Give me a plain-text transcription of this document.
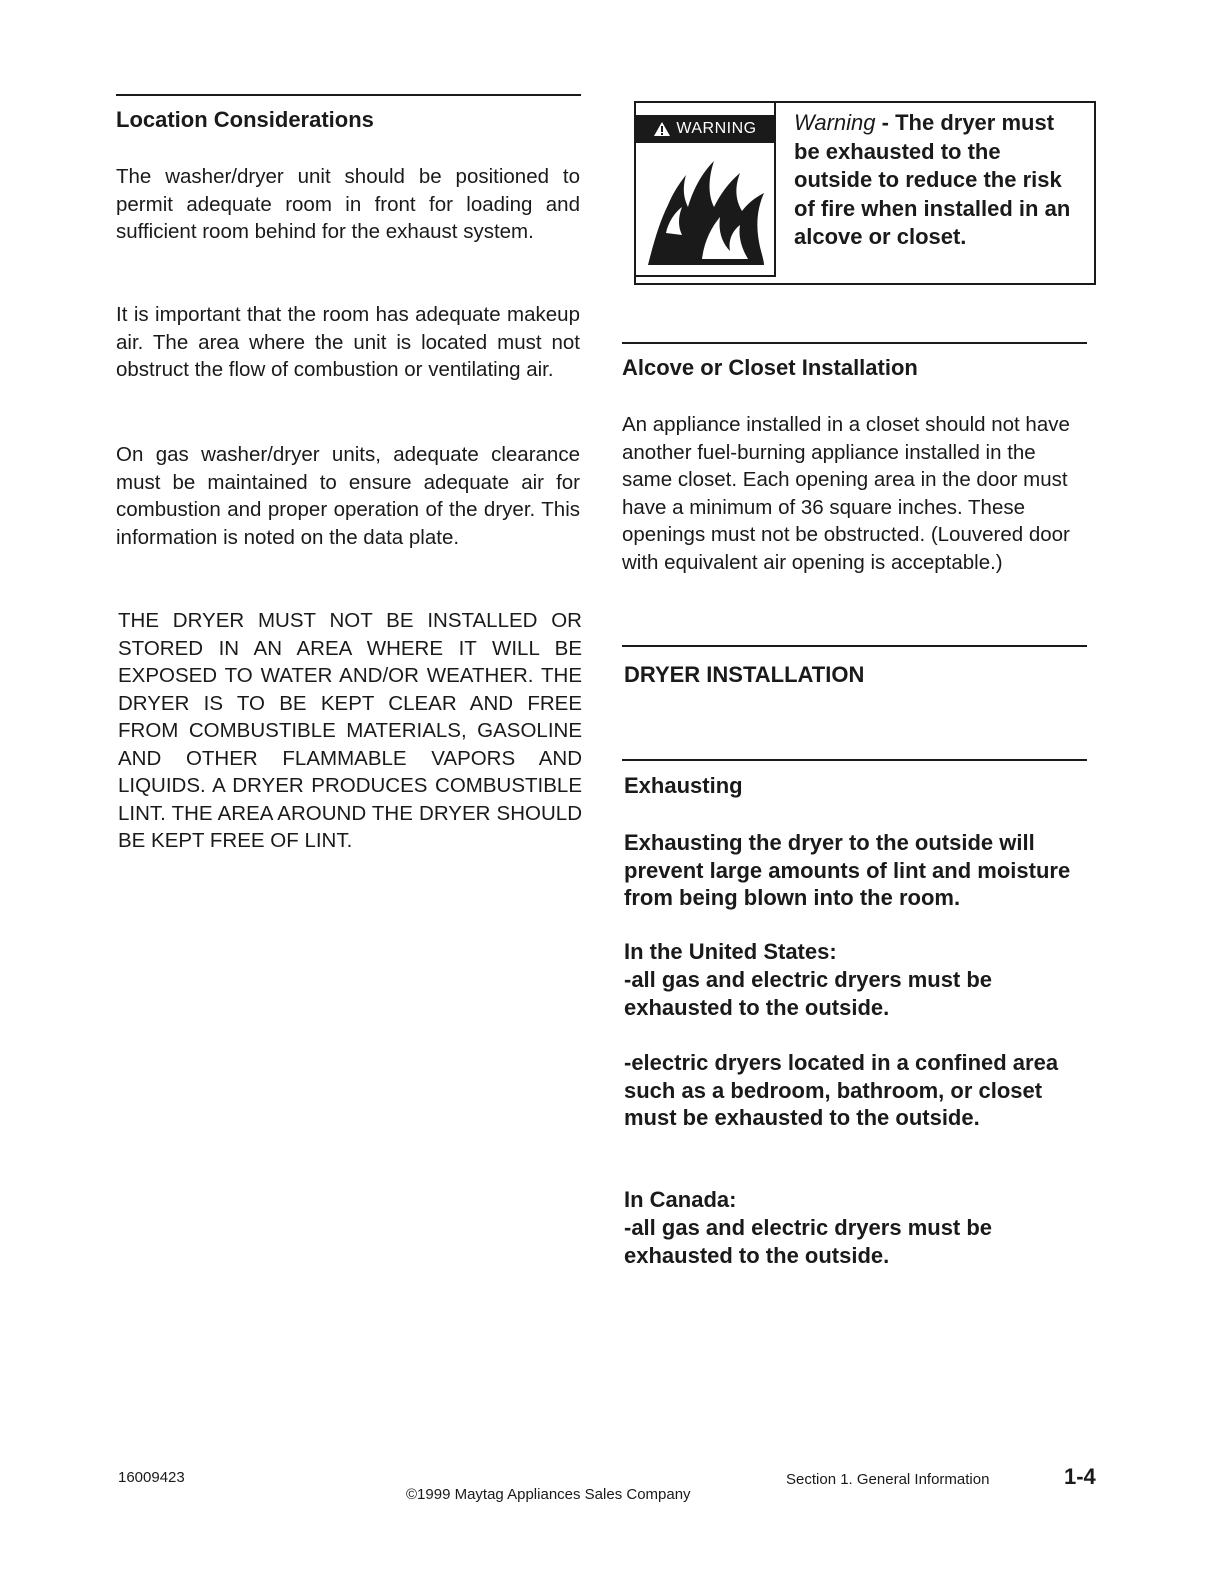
Location Considerations

The washer/dryer unit should be positioned to permit adequate room in front for loading and sufficient room behind for the exhaust system.

It is important that the room has adequate makeup air. The area where the unit is located must not obstruct the flow of combustion or ventilating air.

On gas washer/dryer units, adequate clearance must be maintained to ensure adequate air for combustion and proper operation of the dryer. This information is noted on the data plate.

THE DRYER MUST NOT BE INSTALLED OR STORED IN AN AREA WHERE IT WILL BE EXPOSED TO WATER AND/OR WEATHER. THE DRYER IS TO BE KEPT CLEAR AND FREE FROM COMBUSTIBLE MATERIALS, GASOLINE AND OTHER FLAMMABLE VAPORS AND LIQUIDS. A DRYER PRODUCES COMBUSTIBLE LINT. THE AREA AROUND THE DRYER SHOULD BE KEPT FREE OF LINT.

WARNING Warning - The dryer must be exhausted to the outside to reduce the risk of fire when installed in an alcove or closet.
Alcove or Closet Installation

An appliance installed in a closet should not have another fuel-burning appliance installed in the same closet. Each opening area in the door must have a minimum of 36 square inches. These openings must not be obstructed. (Louvered door with equivalent air opening is acceptable.)

DRYER INSTALLATION
Exhausting

Exhausting the dryer to the outside will prevent large amounts of lint and moisture from being blown into the room.

In the United States:

-all gas and electric dryers must be exhausted to the outside.

-electric dryers located in a confined area such as a bedroom, bathroom, or closet must be exhausted to the outside.

In Canada:

-all gas and electric dryers must be exhausted to the outside.

16009423
©1999 Maytag Appliances Sales Company
Section 1. General Information	1-4
